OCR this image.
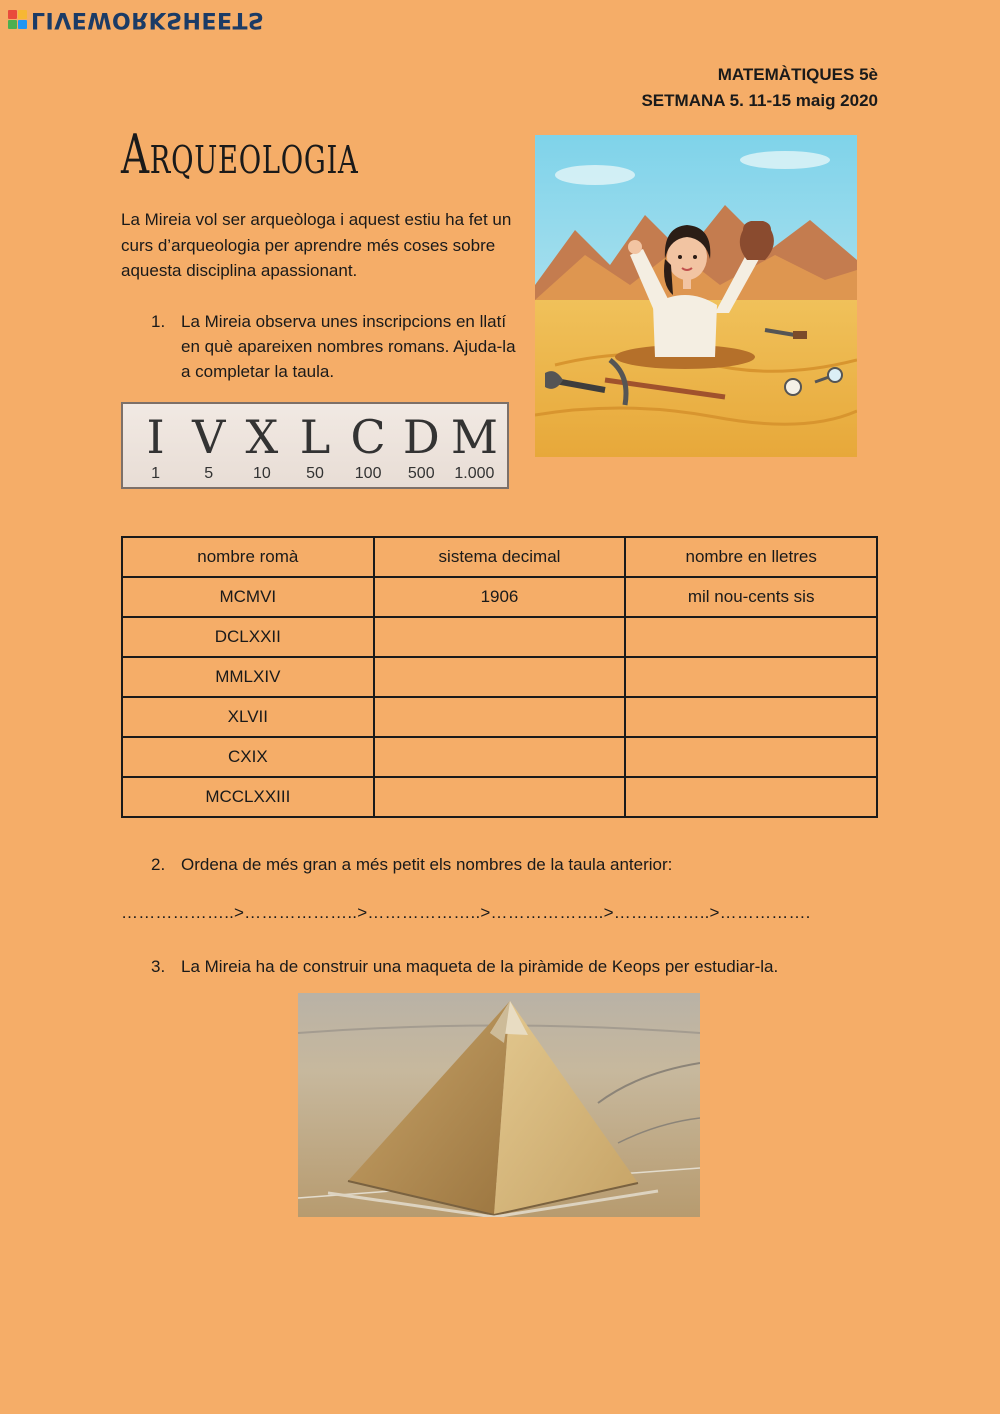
LIVEWORKSHEETS
MATEMÀTIQUES 5è
SETMANA 5. 11-15 maig 2020
Arqueologia
La Mireia vol ser arqueòloga i aquest estiu ha fet un curs d’arqueologia per aprendre més coses sobre aquesta disciplina apassionant.
1. La Mireia observa unes inscripcions en llatí en què apareixen nombres romans. Ajuda-la a completar la taula.
I
1
V
5
X
10
L
50
C
100
D
500
M
1.000
nombre romà	sistema decimal	nombre en lletres
MCMVI	1906	mil nou-cents sis
DCLXXII		
MMLXIV		
XLVII		
CXIX		
MCCLXXIII		
2. Ordena de més gran a més petit els nombres de la taula anterior:
………………..>………………..>………………..>………………..>……………..>…………….
3. La Mireia ha de construir una maqueta de la piràmide de Keops per estudiar-la.
